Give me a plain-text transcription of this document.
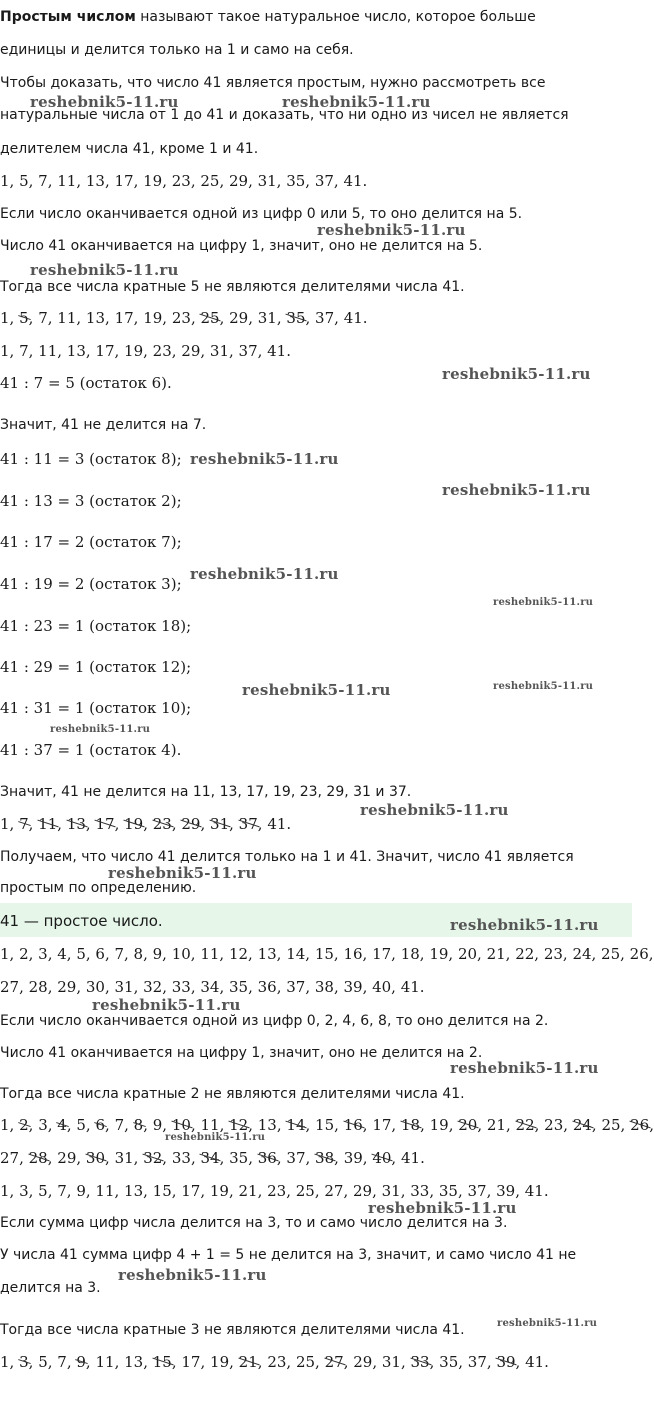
Простым числом называют такое натуральное число, которое больше
единицы и делится только на 1 и само на себя.
Чтобы доказать, что число 41 является простым, нужно рассмотреть все
натуральные числа от 1 до 41 и доказать, что ни одно из чисел не является
делителем числа 41, кроме 1 и 41.
1, 5, 7, 11, 13, 17, 19, 23, 25, 29, 31, 35, 37, 41.
Если число оканчивается одной из цифр 0 или 5, то оно делится на 5.
Число 41 оканчивается на цифру 1, значит, оно не делится на 5.
Тогда все числа кратные 5 не являются делителями числа 41.
1, 5, 7, 11, 13, 17, 19, 23, 25, 29, 31, 35, 37, 41.
1, 7, 11, 13, 17, 19, 23, 29, 31, 37, 41.
41 : 7 = 5 (остаток 6).
Значит, 41 не делится на 7.
41 : 11 = 3 (остаток 8);
41 : 13 = 3 (остаток 2);
41 : 17 = 2 (остаток 7);
41 : 19 = 2 (остаток 3);
41 : 23 = 1 (остаток 18);
41 : 29 = 1 (остаток 12);
41 : 31 = 1 (остаток 10);
41 : 37 = 1 (остаток 4).
Значит, 41 не делится на 11, 13, 17, 19, 23, 29, 31 и 37.
1, 7, 11, 13, 17, 19, 23, 29, 31, 37, 41.
Получаем, что число 41 делится только на 1 и 41. Значит, число 41 является
простым по определению.
41 — простое число.
1, 2, 3, 4, 5, 6, 7, 8, 9, 10, 11, 12, 13, 14, 15, 16, 17, 18, 19, 20, 21, 22, 23, 24, 25, 26,
27, 28, 29, 30, 31, 32, 33, 34, 35, 36, 37, 38, 39, 40, 41.
Если число оканчивается одной из цифр 0, 2, 4, 6, 8, то оно делится на 2.
Число 41 оканчивается на цифру 1, значит, оно не делится на 2.
Тогда все числа кратные 2 не являются делителями числа 41.
1, 2, 3, 4, 5, 6, 7, 8, 9, 10, 11, 12, 13, 14, 15, 16, 17, 18, 19, 20, 21, 22, 23, 24, 25, 26,
27, 28, 29, 30, 31, 32, 33, 34, 35, 36, 37, 38, 39, 40, 41.
1, 3, 5, 7, 9, 11, 13, 15, 17, 19, 21, 23, 25, 27, 29, 31, 33, 35, 37, 39, 41.
Если сумма цифр числа делится на 3, то и само число делится на 3.
У числа 41 сумма цифр 4 + 1 = 5 не делится на 3, значит, и само число 41 не
делится на 3.
Тогда все числа кратные 3 не являются делителями числа 41.
1, 3, 5, 7, 9, 11, 13, 15, 17, 19, 21, 23, 25, 27, 29, 31, 33, 35, 37, 39, 41.
reshebnik5-11.ru	reshebnik5-11.ru
reshebnik5-11.ru
reshebnik5-11.ru
reshebnik5-11.ru
reshebnik5-11.ru
reshebnik5-11.ru
reshebnik5-11.ru
reshebnik5-11.ru
reshebnik5-11.ru	reshebnik5-11.ru
reshebnik5-11.ru
reshebnik5-11.ru
reshebnik5-11.ru
reshebnik5-11.ru
reshebnik5-11.ru
reshebnik5-11.ru
reshebnik5-11.ru
reshebnik5-11.ru
reshebnik5-11.ru
reshebnik5-11.ru
